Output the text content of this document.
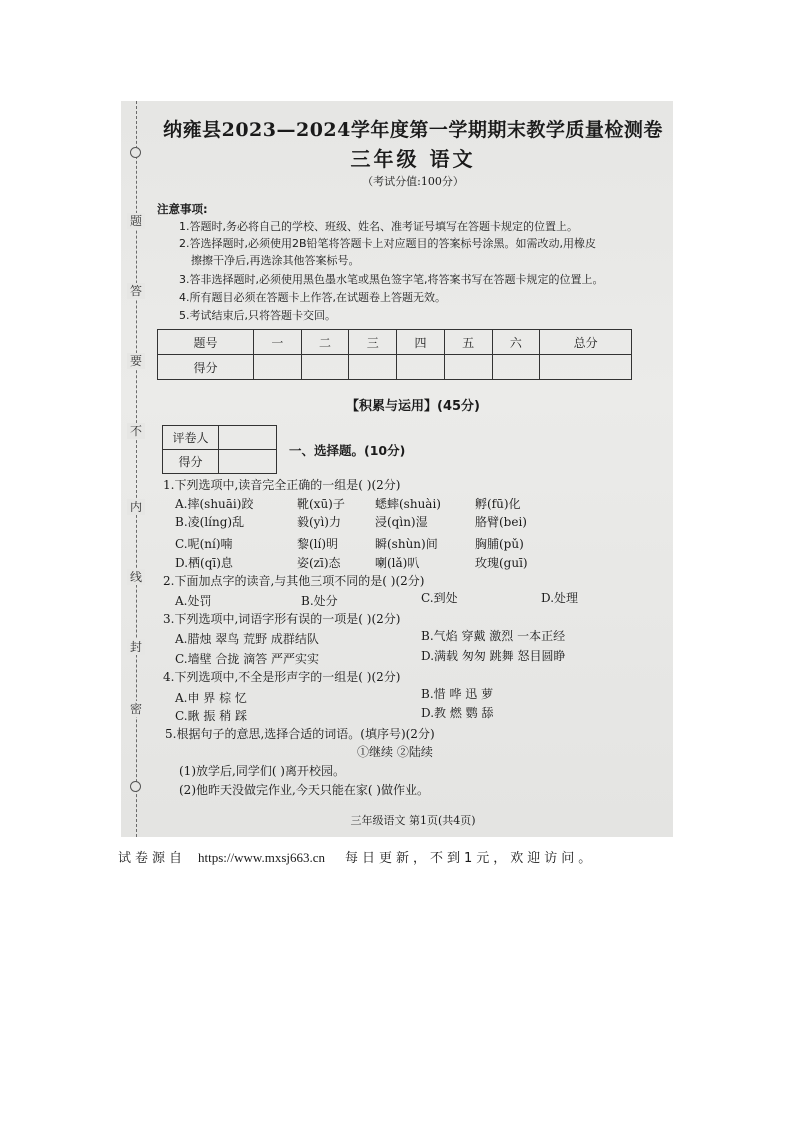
题
答
要
不
内
线
封
密
纳雍县2023—2024学年度第一学期期末教学质量检测卷
三年级 语文
（考试分值:100分）
注意事项:
1.答题时,务必将自己的学校、班级、姓名、准考证号填写在答题卡规定的位置上。
2.答选择题时,必须使用2B铅笔将答题卡上对应题目的答案标号涂黑。如需改动,用橡皮
擦擦干净后,再选涂其他答案标号。
3.答非选择题时,必须使用黑色墨水笔或黑色签字笔,将答案书写在答题卡规定的位置上。
4.所有题目必须在答题卡上作答,在试题卷上答题无效。
5.考试结束后,只将答题卡交回。
题号	一	二	三	四	五	六	总分
得分							
【积累与运用】(45分)
评卷人	
得分	
一、选择题。(10分)
1.下列选项中,读音完全正确的一组是( )(2分)
A.摔(shuāi)跤	靴(xū)子	蟋蟀(shuài)	孵(fū)化
B.凌(líng)乱	毅(yì)力	浸(qìn)湿	胳臂(bei)
C.呢(ní)喃	黎(lí)明	瞬(shùn)间	胸脯(pǔ)
D.栖(qī)息	姿(zī)态	喇(lǎ)叭	玫瑰(guī)
2.下面加点字的读音,与其他三项不同的是( )(2分)
A.处罚	B.处分	C.到处	D.处理
3.下列选项中,词语字形有误的一项是( )(2分)
A.腊烛 翠鸟 荒野 成群结队	B.气焰 穿戴 激烈 一本正经
C.墙壁 合拢 滴答 严严实实	D.满载 匆匆 跳舞 怒目圆睁
4.下列选项中,不全是形声字的一组是( )(2分)
A.申 界 棕 忆	B.惜 哗 迅 萝
C.瞅 振 稍 踩	D.教 燃 鹦 舔
5.根据句子的意思,选择合适的词语。(填序号)(2分)
①继续 ②陆续
(1)放学后,同学们( )离开校园。
(2)他昨天没做完作业,今天只能在家( )做作业。
三年级语文 第1页(共4页)
试卷源自 https://www.mxsj663.cn 每日更新，不到1元，欢迎访问。
